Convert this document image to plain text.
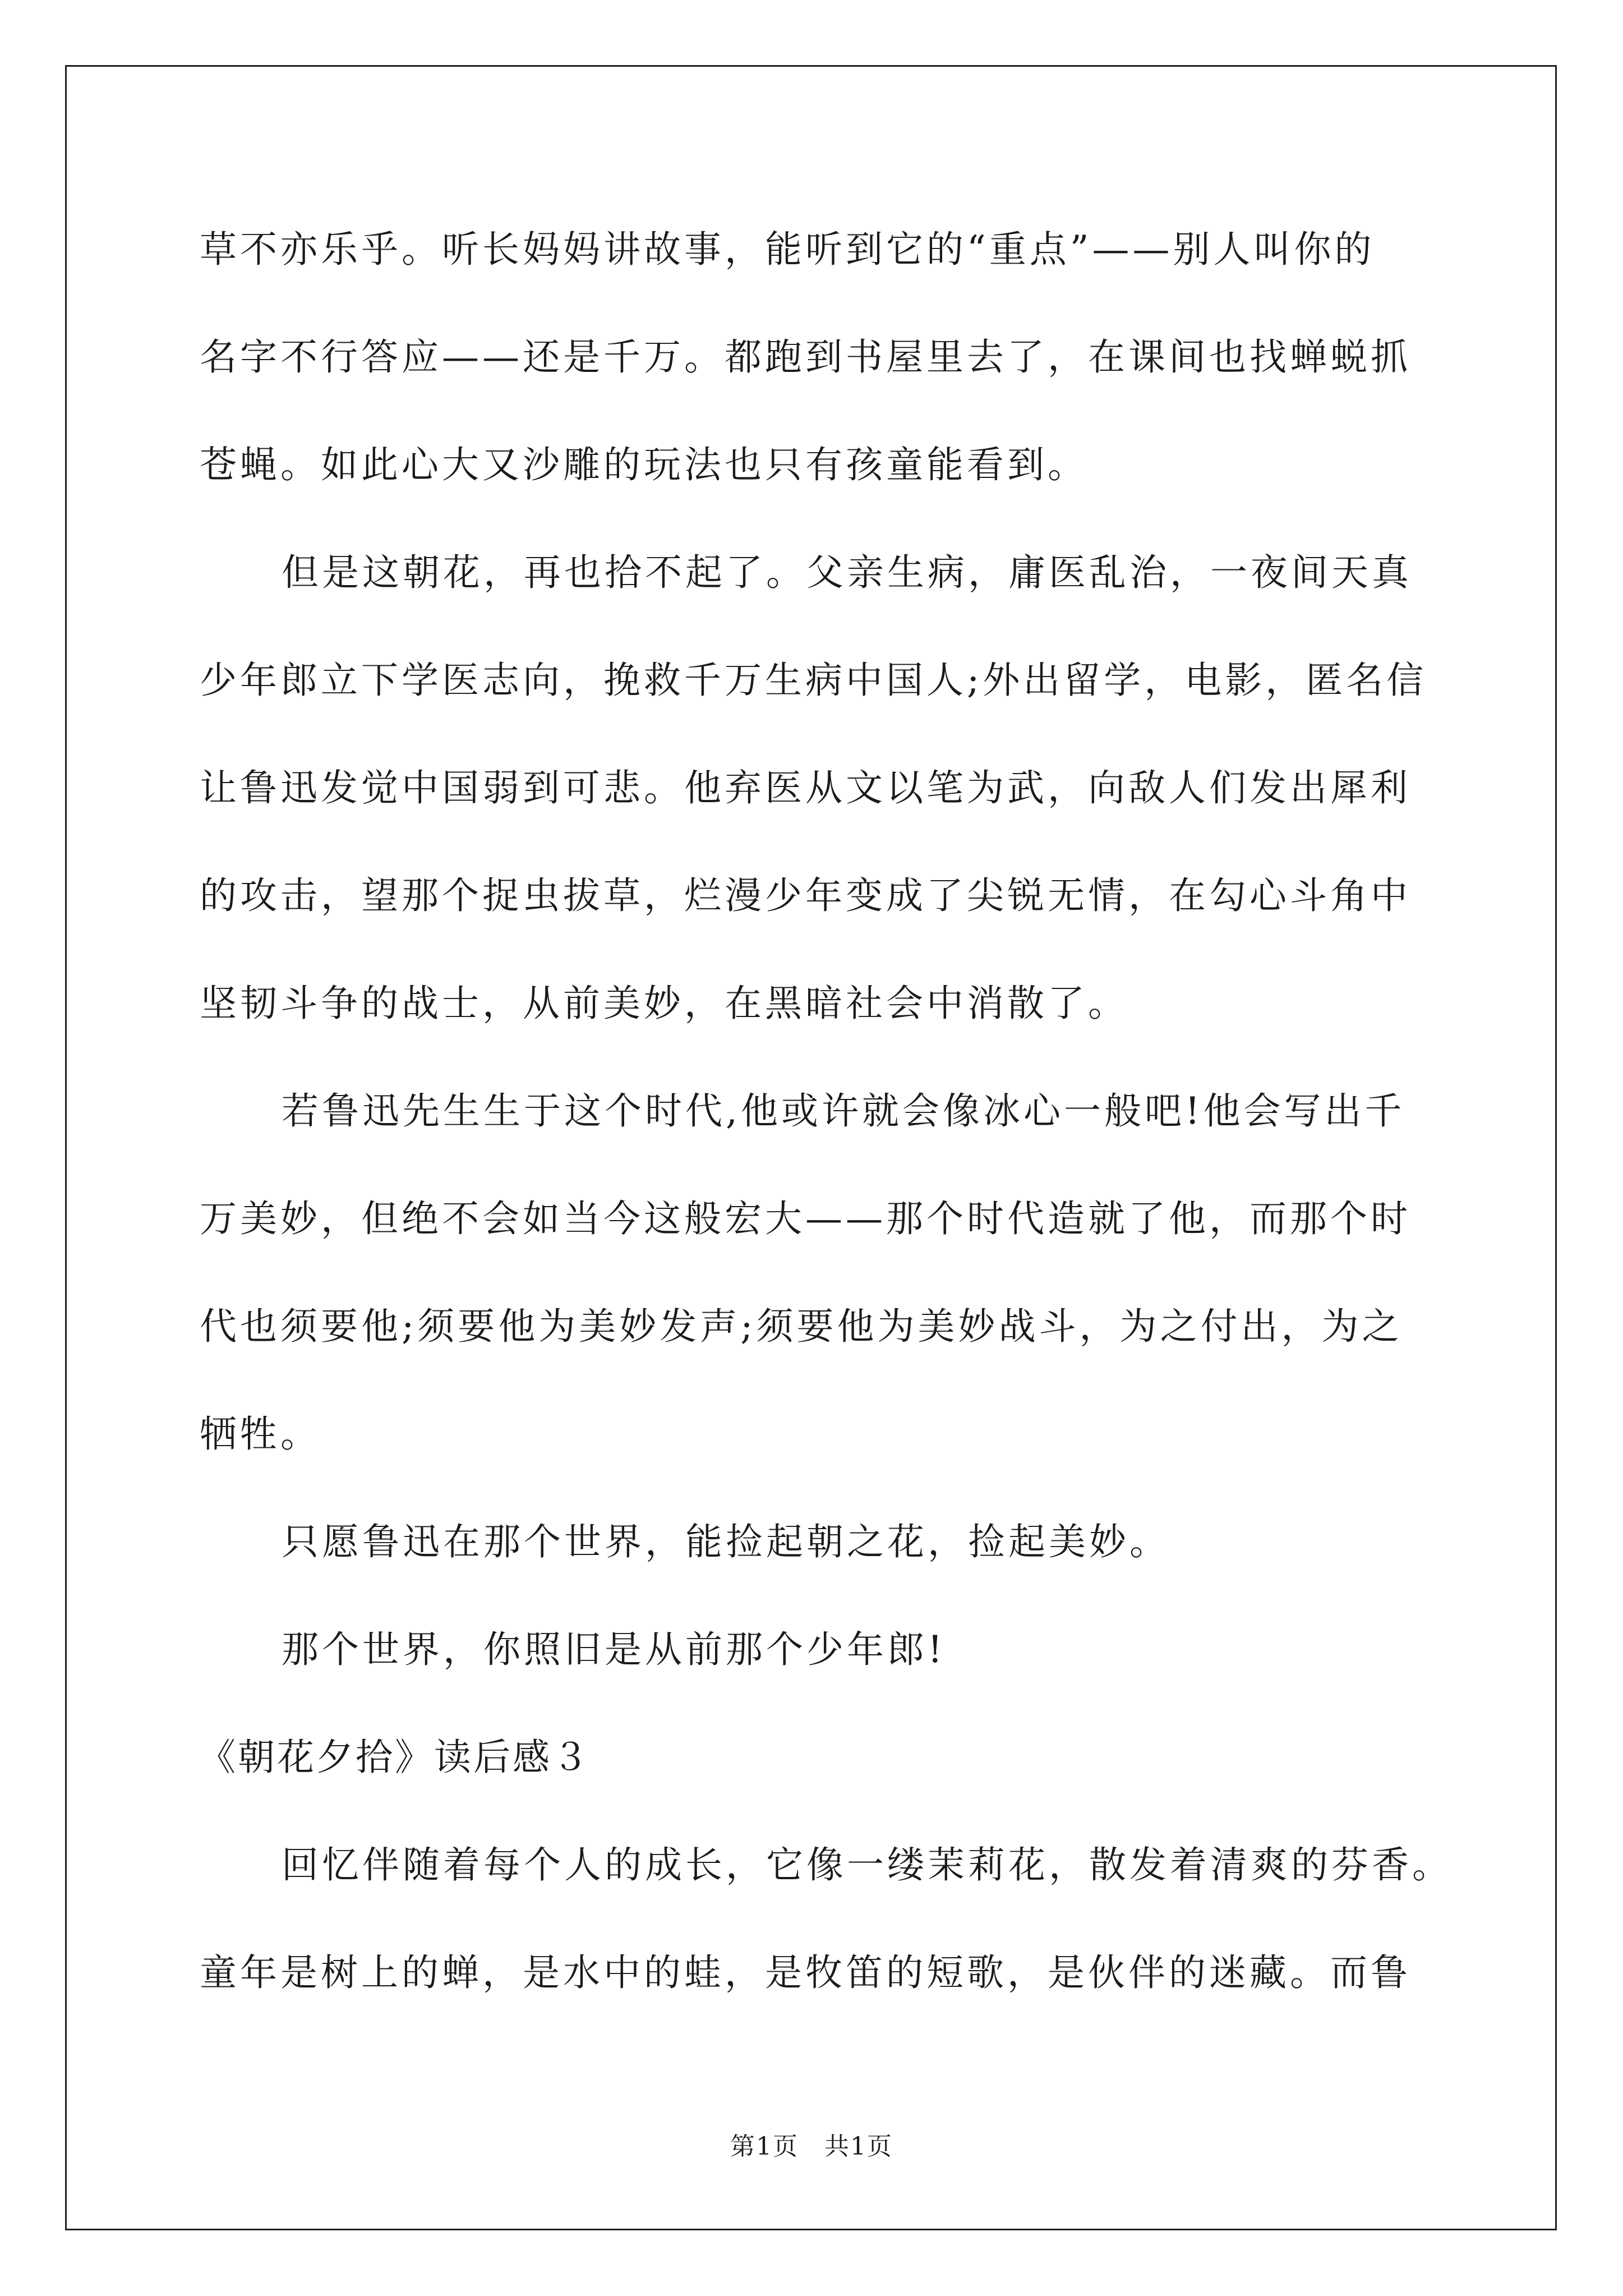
草不亦乐乎。听长妈妈讲故事，能听到它的“重点”——别人叫你的
名字不行答应——还是千万。都跑到书屋里去了，在课间也找蝉蜕抓
苍蝇。如此心大又沙雕的玩法也只有孩童能看到。
但是这朝花，再也拾不起了。父亲生病，庸医乱治，一夜间天真
少年郎立下学医志向，挽救千万生病中国人;外出留学，电影，匿名信
让鲁迅发觉中国弱到可悲。他弃医从文以笔为武，向敌人们发出犀利
的攻击，望那个捉虫拔草，烂漫少年变成了尖锐无情，在勾心斗角中
坚韧斗争的战士，从前美妙，在黑暗社会中消散了。
若鲁迅先生生于这个时代,他或许就会像冰心一般吧!他会写出千
万美妙，但绝不会如当今这般宏大——那个时代造就了他，而那个时
代也须要他;须要他为美妙发声;须要他为美妙战斗，为之付出，为之
牺牲。
只愿鲁迅在那个世界，能捡起朝之花，捡起美妙。
那个世界，你照旧是从前那个少年郎!
《朝花夕拾》读后感３
回忆伴随着每个人的成长，它像一缕茉莉花，散发着清爽的芬香。
童年是树上的蝉，是水中的蛙，是牧笛的短歌，是伙伴的迷藏。而鲁
第1页　共1页
